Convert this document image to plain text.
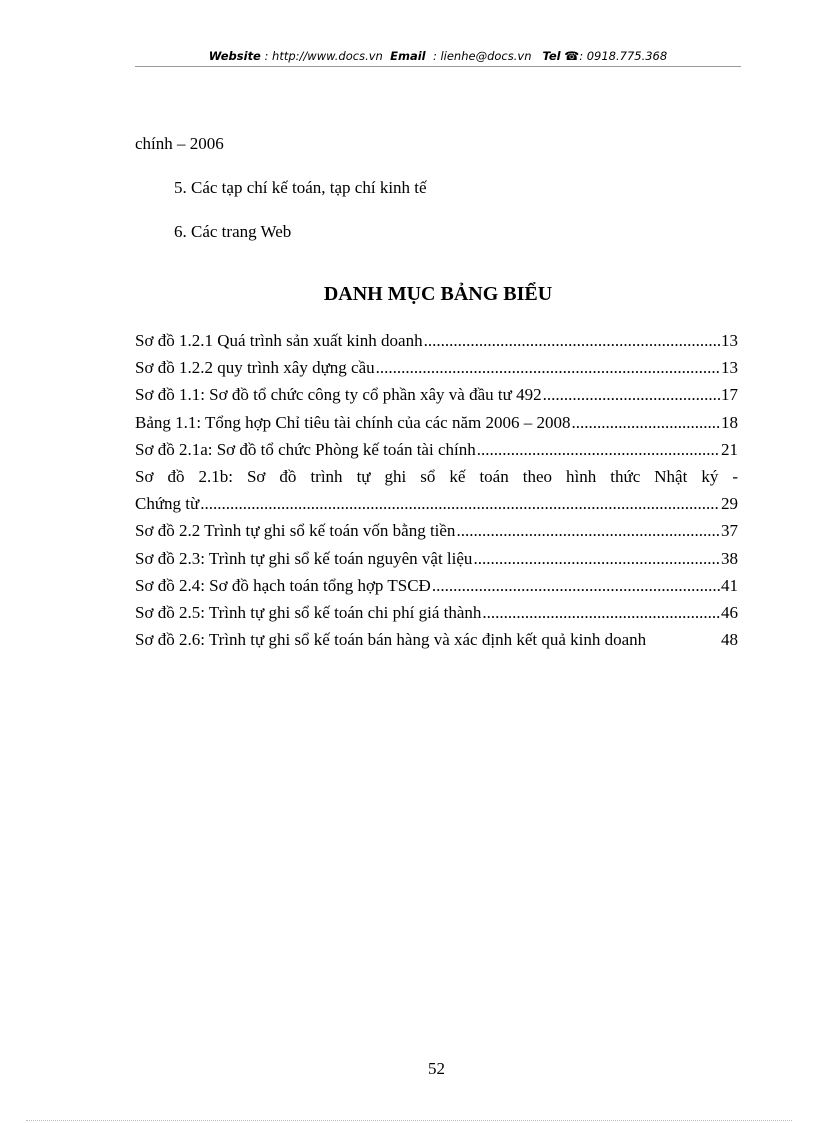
Website : http://www.docs.vn Email : lienhe@docs.vn Tel ☎: 0918.775.368
chính – 2006
5. Các tạp chí kế toán, tạp chí kinh tế
6. Các trang Web
DANH MỤC BẢNG BIỂU
Sơ đồ 1.2.1 Quá trình sản xuất kinh doanh .....	13
Sơ đồ 1.2.2 quy trình xây dựng cầu .....	13
Sơ đồ 1.1: Sơ đồ tổ chức công ty cổ phần xây và đầu tư 492 .....	17
Bảng 1.1: Tổng hợp Chỉ tiêu tài chính của các năm 2006 – 2008 .....	18
Sơ đồ 2.1a: Sơ đồ tổ chức Phòng kế toán tài chính .....	21
Sơ đồ 2.1b: Sơ đồ trình tự ghi sổ kế toán theo hình thức Nhật ký -
Chứng từ .....	29
Sơ đồ 2.2 Trình tự ghi sổ kế toán vốn bằng tiền .....	37
Sơ đồ 2.3: Trình tự ghi sổ kế toán nguyên vật liệu .....	38
Sơ đồ 2.4: Sơ đồ hạch toán tổng hợp TSCĐ .....	41
Sơ đồ 2.5: Trình tự ghi sổ kế toán chi phí giá thành .....	46
Sơ đồ 2.6: Trình tự ghi sổ kế toán bán hàng và xác định kết quả kinh doanh	48
52
